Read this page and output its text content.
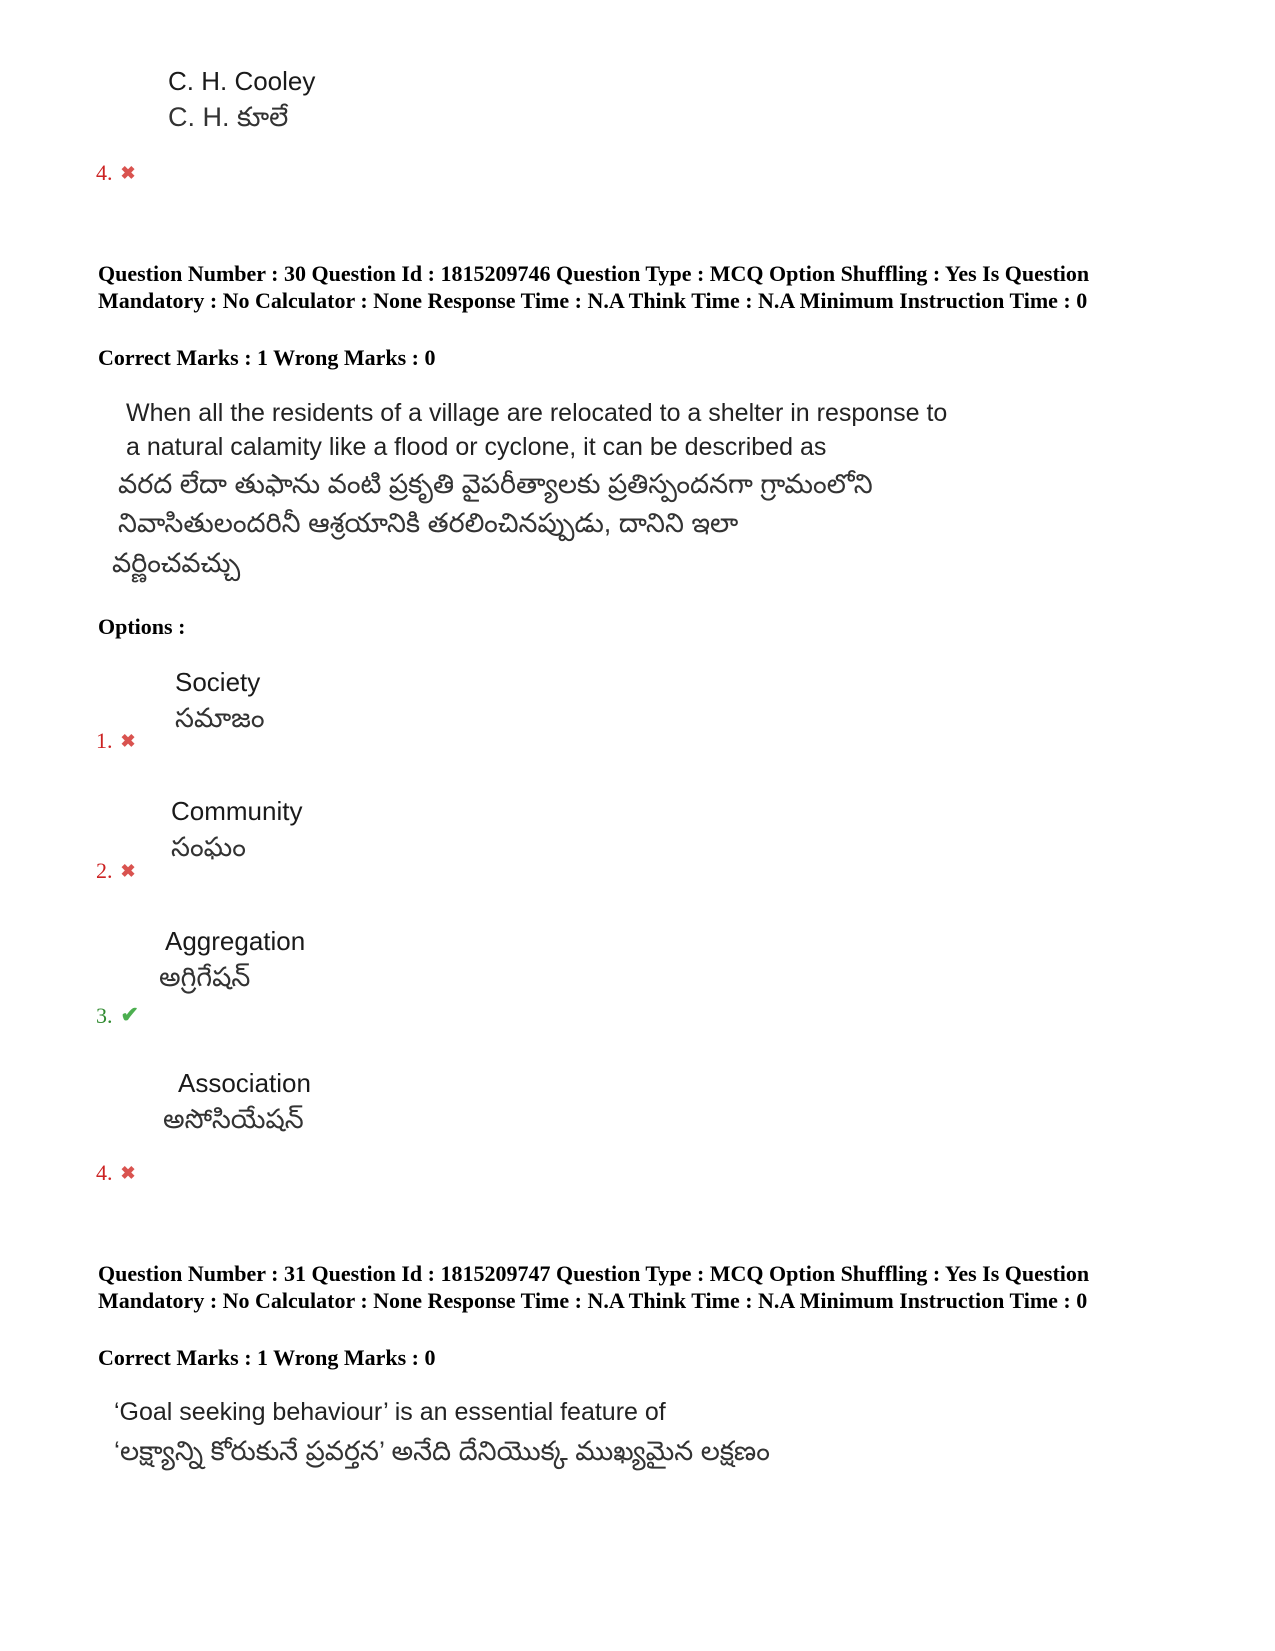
C. H. Cooley
C. H. కూలే
4. ✖
Question Number : 30 Question Id : 1815209746 Question Type : MCQ Option Shuffling : Yes Is Question Mandatory : No Calculator : None Response Time : N.A Think Time : N.A Minimum Instruction Time : 0
Correct Marks : 1 Wrong Marks : 0
When all the residents of a village are relocated to a shelter in response to
a natural calamity like a flood or cyclone, it can be described as
వరద లేదా తుఫాను వంటి ప్రకృతి వైపరీత్యాలకు ప్రతిస్పందనగా గ్రామంలోని
నివాసితులందరినీ ఆశ్రయానికి తరలించినప్పుడు, దానిని ఇలా
వర్ణించవచ్చు
Options :
Society
సమాజం
1. ✖
Community
సంఘం
2. ✖
Aggregation
అగ్రిగేషన్
3. ✔
Association
అసోసియేషన్
4. ✖
Question Number : 31 Question Id : 1815209747 Question Type : MCQ Option Shuffling : Yes Is Question Mandatory : No Calculator : None Response Time : N.A Think Time : N.A Minimum Instruction Time : 0
Correct Marks : 1 Wrong Marks : 0
‘Goal seeking behaviour’ is an essential feature of
‘లక్ష్యాన్ని కోరుకునే ప్రవర్తన’ అనేది దేనియొక్క ముఖ్యమైన లక్షణం
